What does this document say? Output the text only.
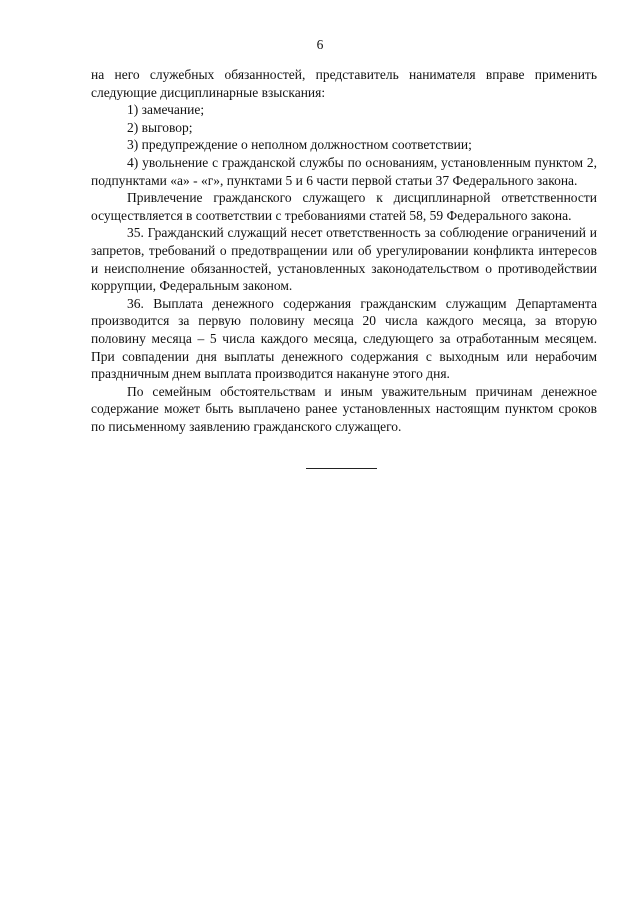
6

на него служебных обязанностей, представитель нанимателя вправе применить следующие дисциплинарные взыскания:

1) замечание;

2) выговор;

3) предупреждение о неполном должностном соответствии;

4) увольнение с гражданской службы по основаниям, установленным пунктом 2, подпунктами «а» - «г», пунктами 5 и 6 части первой статьи 37 Федерального закона.

Привлечение гражданского служащего к дисциплинарной ответственности осуществляется в соответствии с требованиями статей 58, 59 Федерального закона.

35. Гражданский служащий несет ответственность за соблюдение ограничений и запретов, требований о предотвращении или об урегулировании конфликта интересов и неисполнение обязанностей, установленных законодательством о противодействии коррупции, Федеральным законом.

36. Выплата денежного содержания гражданским служащим Департамента производится за первую половину месяца 20 числа каждого месяца, за вторую половину месяца – 5 числа каждого месяца, следующего за отработанным месяцем. При совпадении дня выплаты денежного содержания с выходным или нерабочим праздничным днем выплата производится накануне этого дня.

По семейным обстоятельствам и иным уважительным причинам денежное содержание может быть выплачено ранее установленных настоящим пунктом сроков по письменному заявлению гражданского служащего.
